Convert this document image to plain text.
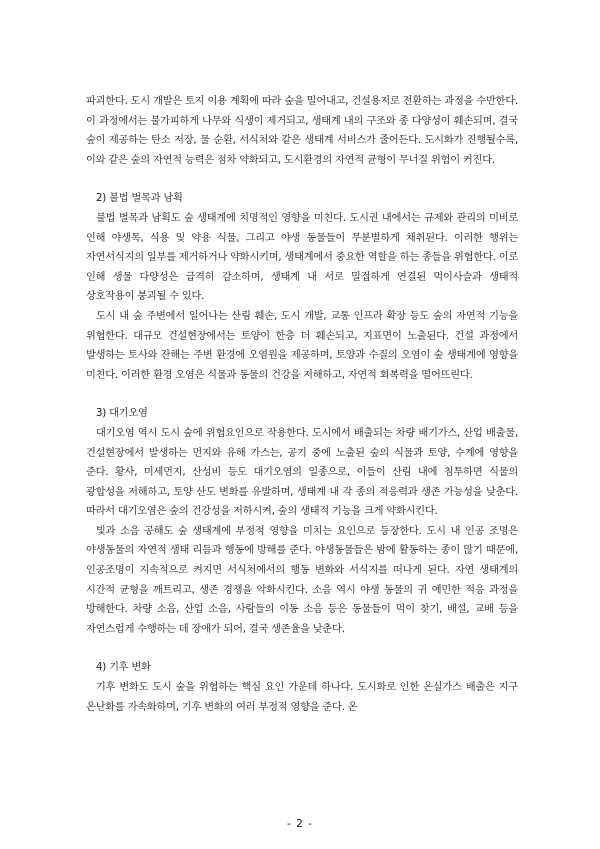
파괴한다. 도시 개발은 토지 이용 계획에 따라 숲을 밀어내고, 건설용지로 전환하는 과정을 수반한다. 이 과정에서는 불가피하게 나무와 식생이 제거되고, 생태계 내의 구조와 종 다양성이 훼손되며, 결국 숲이 제공하는 탄소 저장, 물 순환, 서식처와 같은 생태계 서비스가 줄어든다. 도시화가 진행될수록, 이와 같은 숲의 자연적 능력은 점차 약화되고, 도시환경의 자연적 균형이 무너질 위험이 커진다.

2) 불법 벌목과 남획

불법 벌목과 남획도 숲 생태계에 치명적인 영향을 미친다. 도시권 내에서는 규제와 관리의 미비로 인해 야생목, 식용 및 약용 식물, 그리고 야생 동물들이 무분별하게 채취된다. 이러한 행위는 자연서식지의 일부를 제거하거나 약화시키며, 생태계에서 중요한 역할을 하는 종들을 위협한다. 이로 인해 생물 다양성은 급격히 감소하며, 생태계 내 서로 밀접하게 연결된 먹이사슬과 생태적 상호작용이 붕괴될 수 있다.

도시 내 숲 주변에서 일어나는 산림 훼손, 도시 개발, 교통 인프라 확장 등도 숲의 자연적 기능을 위협한다. 대규모 건설현장에서는 토양이 한층 더 훼손되고, 지표면이 노출된다. 건설 과정에서 발생하는 토사와 잔해는 주변 환경에 오염원을 제공하며, 토양과 수질의 오염이 숲 생태계에 영향을 미친다. 이러한 환경 오염은 식물과 동물의 건강을 저해하고, 자연적 회복력을 떨어뜨린다.

3) 대기오염

대기오염 역시 도시 숲에 위협요인으로 작용한다. 도시에서 배출되는 차량 배기가스, 산업 배출물, 건설현장에서 발생하는 먼지와 유해 가스는, 공기 중에 노출된 숲의 식물과 토양, 수계에 영향을 준다. 황사, 미세먼지, 산성비 등도 대기오염의 일종으로, 이들이 산림 내에 침투하면 식물의 광합성을 저해하고, 토양 산도 변화를 유발하며, 생태계 내 각 종의 적응력과 생존 가능성을 낮춘다. 따라서 대기오염은 숲의 건강성을 저하시켜, 숲의 생태적 기능을 크게 약화시킨다.

빛과 소음 공해도 숲 생태계에 부정적 영향을 미치는 요인으로 등장한다. 도시 내 인공 조명은 야생동물의 자연적 생태 리듬과 행동에 방해를 준다. 야생동물들은 밤에 활동하는 종이 많기 때문에, 인공조명이 지속적으로 켜지면 서식처에서의 행동 변화와 서식지를 떠나게 된다. 자연 생태계의 시간적 균형을 깨트리고, 생존 경쟁을 악화시킨다. 소음 역시 야생 동물의 귀 예민한 적응 과정을 방해한다. 차량 소음, 산업 소음, 사람들의 이동 소음 등은 동물들이 먹이 찾기, 배설, 교배 등을 자연스럽게 수행하는 데 장애가 되어, 결국 생존율을 낮춘다.

4) 기후 변화

기후 변화도 도시 숲을 위협하는 핵심 요인 가운데 하나다. 도시화로 인한 온실가스 배출은 지구 온난화를 가속화하며, 기후 변화의 여러 부정적 영향을 준다. 온

- 2 -
